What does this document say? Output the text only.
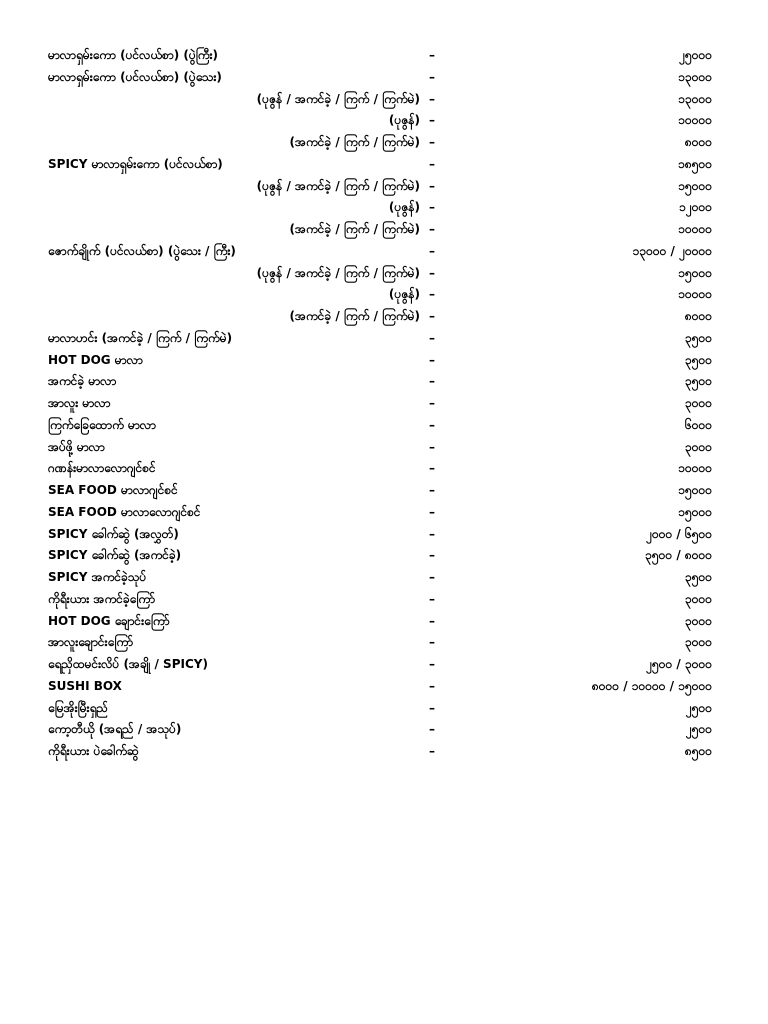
မာလာရှမ်းကော (ပင်လယ်စာ) (ပွဲကြီး)	–	၂၅၀၀၀
မာလာရှမ်းကော (ပင်လယ်စာ) (ပွဲသေး)	–	၁၃၀၀၀
(ပုဇွန် / အကင်ခဲ့ / ကြက် / ကြက်မဲ) –	၁၃၀၀၀
(ပုဇွန်) –	၁၀၀၀၀
(အကင်ခဲ့ / ကြက် / ကြက်မဲ) –	၈၀၀၀
SPICY မာလာရှမ်းကော (ပင်လယ်စာ)	–	၁၈၅၀၀
(ပုဇွန် / အကင်ခဲ့ / ကြက် / ကြက်မဲ) –	၁၅၀၀၀
(ပုဇွန်) –	၁၂၀၀၀
(အကင်ခဲ့ / ကြက် / ကြက်မဲ) –	၁၀၀၀၀
ဇောက်ချိုက် (ပင်လယ်စာ) (ပွဲသေး / ကြီး)	–	၁၃၀၀၀ / ၂၀၀၀၀
(ပုဇွန် / အကင်ခဲ့ / ကြက် / ကြက်မဲ) –	၁၅၀၀၀
(ပုဇွန်) –	၁၀၀၀၀
(အကင်ခဲ့ / ကြက် / ကြက်မဲ) –	၈၀၀၀
မာလာဟင်း (အကင်ခဲ့ / ကြက် / ကြက်မဲ)	–	၃၅၀၀
HOT DOG မာလာ	–	၃၅၀၀
အကင်ခဲ့ မာလာ	–	၃၅၀၀
အာလူး မာလာ	–	၃၀၀၀
ကြက်ခြေထောက် မာလာ	–	၆၀၀၀
အပ်ဖို့ မာလာ	–	၃၀၀၀
ဂဏန်းမာလာလောဂျင်စင်	–	၁၀၀၀၀
SEA FOOD မာလာဂျင်စင်	–	၁၅၀၀၀
SEA FOOD မာလာလောဂျင်စင်	–	၁၅၀၀၀
SPICY ခေါက်ဆွဲ (အလွှတ်)	–	၂၀၀၀ / ၆၅၀၀
SPICY ခေါက်ဆွဲ (အကင်ခဲ့)	–	၃၅၀၀ / ၈၀၀၀
SPICY အကင်ခဲ့သုပ်	–	၃၅၀၀
ကိုရီးယား အကင်ခဲ့ကြော်	–	၃၀၀၀
HOT DOG ချောင်းကြော်	–	၃၀၀၀
အာလူးချောင်းကြော်	–	၃၀၀၀
ရေညှိထမင်းလိပ် (အချို / SPICY)	–	၂၅၀၀ / ၃၀၀၀
SUSHI BOX	–	၈၀၀၀ / ၁၀၀၀၀ / ၁၅၀၀၀
မြေအိုးမြီးရှည်	–	၂၅၀၀
ကော့တီယို (အရည် / အသုပ်)	–	၂၅၀၀
ကိုရီးယား ပဲခေါက်ဆွဲ	–	၈၅၀၀
